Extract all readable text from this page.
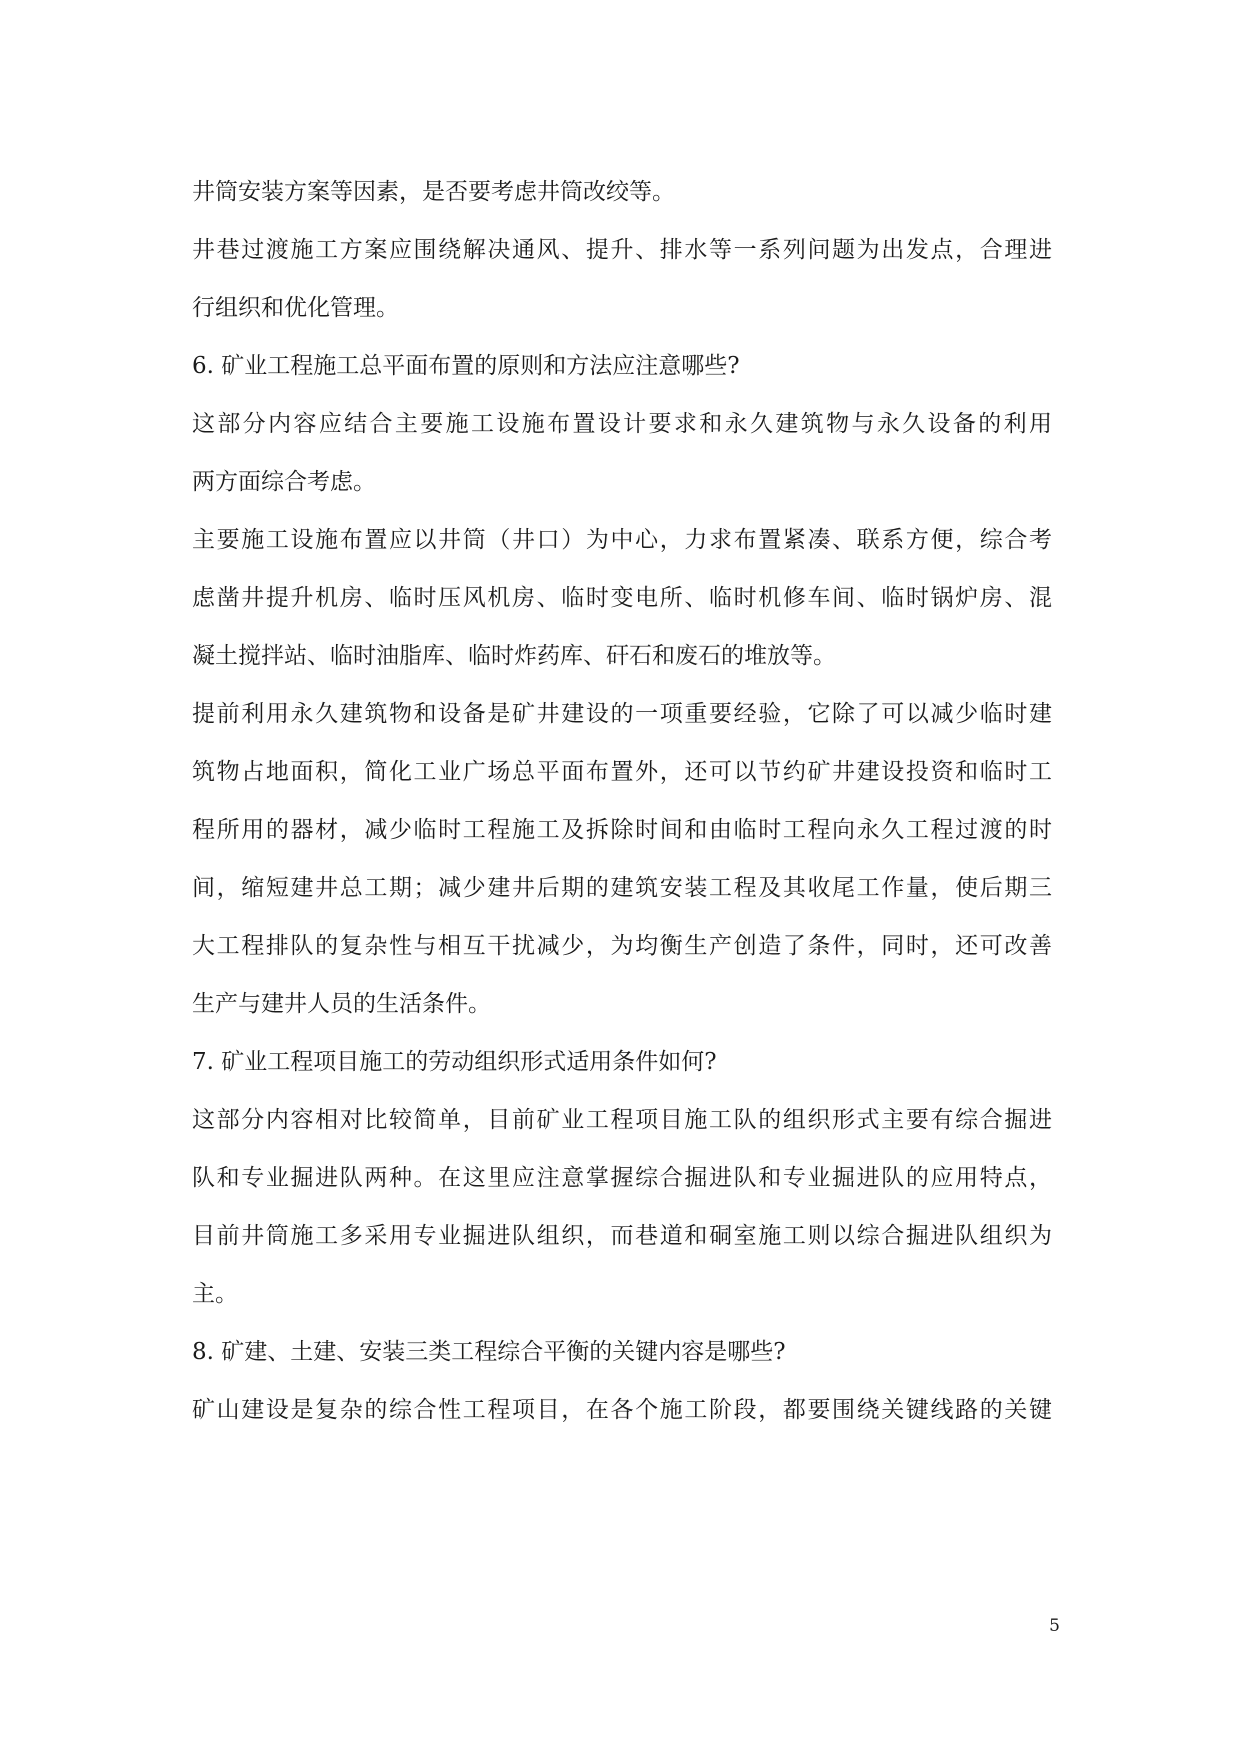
井筒安装方案等因素，是否要考虑井筒改绞等。
井巷过渡施工方案应围绕解决通风、提升、排水等一系列问题为出发点，合理进
行组织和优化管理。
6. 矿业工程施工总平面布置的原则和方法应注意哪些?
这部分内容应结合主要施工设施布置设计要求和永久建筑物与永久设备的利用
两方面综合考虑。
主要施工设施布置应以井筒（井口）为中心，力求布置紧凑、联系方便，综合考
虑凿井提升机房、临时压风机房、临时变电所、临时机修车间、临时锅炉房、混
凝土搅拌站、临时油脂库、临时炸药库、矸石和废石的堆放等。
提前利用永久建筑物和设备是矿井建设的一项重要经验，它除了可以减少临时建
筑物占地面积，简化工业广场总平面布置外，还可以节约矿井建设投资和临时工
程所用的器材，减少临时工程施工及拆除时间和由临时工程向永久工程过渡的时
间，缩短建井总工期；减少建井后期的建筑安装工程及其收尾工作量，使后期三
大工程排队的复杂性与相互干扰减少，为均衡生产创造了条件，同时，还可改善
生产与建井人员的生活条件。
7. 矿业工程项目施工的劳动组织形式适用条件如何?
这部分内容相对比较简单，目前矿业工程项目施工队的组织形式主要有综合掘进
队和专业掘进队两种。在这里应注意掌握综合掘进队和专业掘进队的应用特点，
目前井筒施工多采用专业掘进队组织，而巷道和硐室施工则以综合掘进队组织为
主。
8. 矿建、土建、安装三类工程综合平衡的关键内容是哪些?
矿山建设是复杂的综合性工程项目，在各个施工阶段，都要围绕关键线路的关键
5
